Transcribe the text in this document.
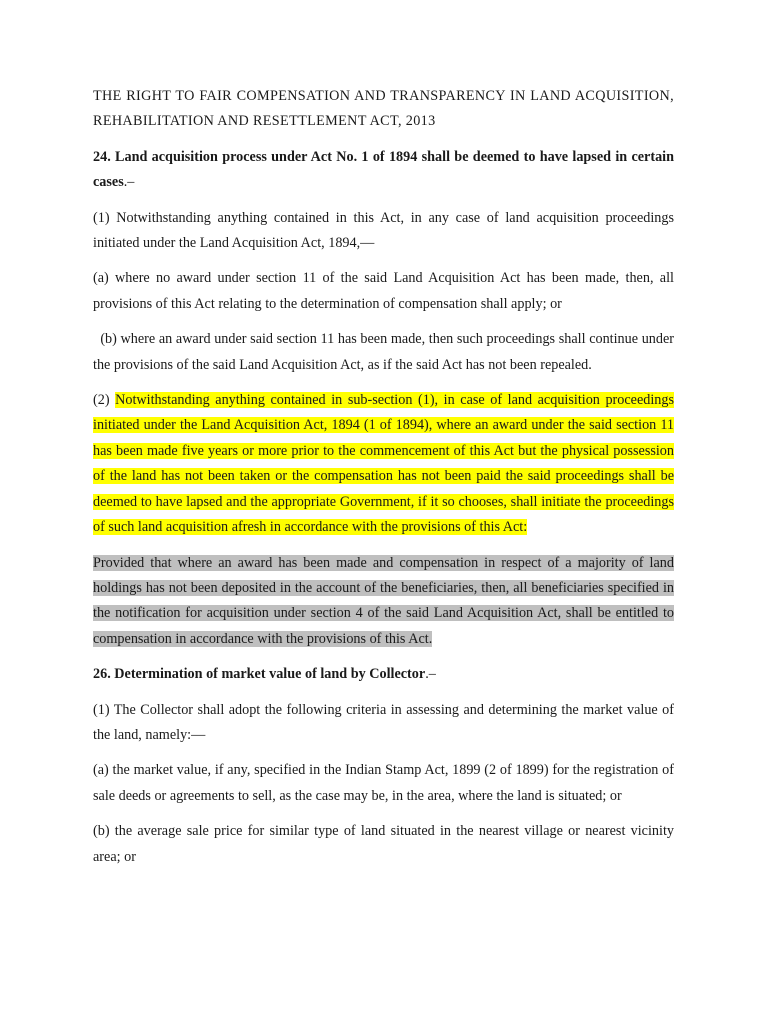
THE RIGHT TO FAIR COMPENSATION AND TRANSPARENCY IN LAND ACQUISITION, REHABILITATION AND RESETTLEMENT ACT, 2013

24. Land acquisition process under Act No. 1 of 1894 shall be deemed to have lapsed in certain cases.–

(1) Notwithstanding anything contained in this Act, in any case of land acquisition proceedings initiated under the Land Acquisition Act, 1894,—

(a) where no award under section 11 of the said Land Acquisition Act has been made, then, all provisions of this Act relating to the determination of compensation shall apply; or

(b) where an award under said section 11 has been made, then such proceedings shall continue under the provisions of the said Land Acquisition Act, as if the said Act has not been repealed.

(2) Notwithstanding anything contained in sub-section (1), in case of land acquisition proceedings initiated under the Land Acquisition Act, 1894 (1 of 1894), where an award under the said section 11 has been made five years or more prior to the commencement of this Act but the physical possession of the land has not been taken or the compensation has not been paid the said proceedings shall be deemed to have lapsed and the appropriate Government, if it so chooses, shall initiate the proceedings of such land acquisition afresh in accordance with the provisions of this Act:

Provided that where an award has been made and compensation in respect of a majority of land holdings has not been deposited in the account of the beneficiaries, then, all beneficiaries specified in the notification for acquisition under section 4 of the said Land Acquisition Act, shall be entitled to compensation in accordance with the provisions of this Act.

26. Determination of market value of land by Collector.–

(1) The Collector shall adopt the following criteria in assessing and determining the market value of the land, namely:—

(a) the market value, if any, specified in the Indian Stamp Act, 1899 (2 of 1899) for the registration of sale deeds or agreements to sell, as the case may be, in the area, where the land is situated; or

(b) the average sale price for similar type of land situated in the nearest village or nearest vicinity area; or
